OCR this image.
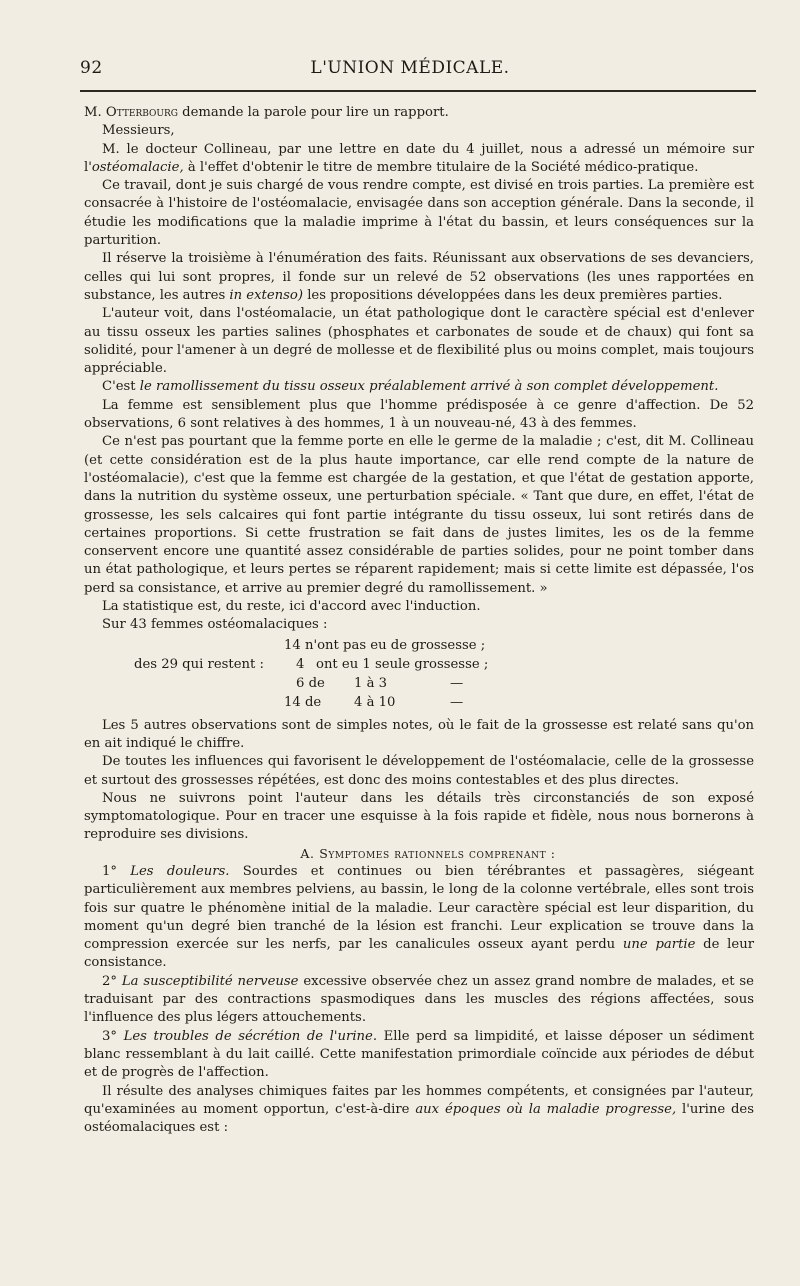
92	L'UNION MÉDICALE.

M. Otterbourg demande la parole pour lire un rapport.

Messieurs,

M. le docteur Collineau, par une lettre en date du 4 juillet, nous a adressé un mémoire sur l'ostéomalacie, à l'effet d'obtenir le titre de membre titulaire de la Société médico-pratique.

Ce travail, dont je suis chargé de vous rendre compte, est divisé en trois parties. La première est consacrée à l'histoire de l'ostéomalacie, envisagée dans son acception générale. Dans la seconde, il étudie les modifications que la maladie imprime à l'état du bassin, et leurs conséquences sur la parturition.

Il réserve la troisième à l'énumération des faits. Réunissant aux observations de ses devanciers, celles qui lui sont propres, il fonde sur un relevé de 52 observations (les unes rapportées en substance, les autres in extenso) les propositions développées dans les deux premières parties.

L'auteur voit, dans l'ostéomalacie, un état pathologique dont le caractère spécial est d'enlever au tissu osseux les parties salines (phosphates et carbonates de soude et de chaux) qui font sa solidité, pour l'amener à un degré de mollesse et de flexibilité plus ou moins complet, mais toujours appréciable.

C'est le ramollissement du tissu osseux préalablement arrivé à son complet développement.

La femme est sensiblement plus que l'homme prédisposée à ce genre d'affection. De 52 observations, 6 sont relatives à des hommes, 1 à un nouveau-né, 43 à des femmes.

Ce n'est pas pourtant que la femme porte en elle le germe de la maladie ; c'est, dit M. Collineau (et cette considération est de la plus haute importance, car elle rend compte de la nature de l'ostéomalacie), c'est que la femme est chargée de la gestation, et que l'état de gestation apporte, dans la nutrition du système osseux, une perturbation spéciale. « Tant que dure, en effet, l'état de grossesse, les sels calcaires qui font partie intégrante du tissu osseux, lui sont retirés dans de certaines proportions. Si cette frustration se fait dans de justes limites, les os de la femme conservent encore une quantité assez considérable de parties solides, pour ne point tomber dans un état pathologique, et leurs pertes se réparent rapidement; mais si cette limite est dépassée, l'os perd sa consistance, et arrive au premier degré du ramollissement. »

La statistique est, du reste, ici d'accord avec l'induction.

Sur 43 femmes ostéomalaciques :

des 29 qui restent :
14 n'ont pas eu de grossesse ;
4 ont eu 1 seule grossesse ;
6 de 1 à 3	—
14 de 4 à 10	—

Les 5 autres observations sont de simples notes, où le fait de la grossesse est relaté sans qu'on en ait indiqué le chiffre.

De toutes les influences qui favorisent le développement de l'ostéomalacie, celle de la grossesse et surtout des grossesses répétées, est donc des moins contestables et des plus directes.

Nous ne suivrons point l'auteur dans les détails très circonstanciés de son exposé symptomatologique. Pour en tracer une esquisse à la fois rapide et fidèle, nous nous bornerons à reproduire ses divisions.

A. Symptomes rationnels comprenant :

1° Les douleurs. Sourdes et continues ou bien térébrantes et passagères, siégeant particulièrement aux membres pelviens, au bassin, le long de la colonne vertébrale, elles sont trois fois sur quatre le phénomène initial de la maladie. Leur caractère spécial est leur disparition, du moment qu'un degré bien tranché de la lésion est franchi. Leur explication se trouve dans la compression exercée sur les nerfs, par les canalicules osseux ayant perdu une partie de leur consistance.

2° La susceptibilité nerveuse excessive observée chez un assez grand nombre de malades, et se traduisant par des contractions spasmodiques dans les muscles des régions affectées, sous l'influence des plus légers attouchements.

3° Les troubles de sécrétion de l'urine. Elle perd sa limpidité, et laisse déposer un sédiment blanc ressemblant à du lait caillé. Cette manifestation primordiale coïncide aux périodes de début et de progrès de l'affection.

Il résulte des analyses chimiques faites par les hommes compétents, et consignées par l'auteur, qu'examinées au moment opportun, c'est-à-dire aux époques où la maladie progresse, l'urine des ostéomalaciques est :
